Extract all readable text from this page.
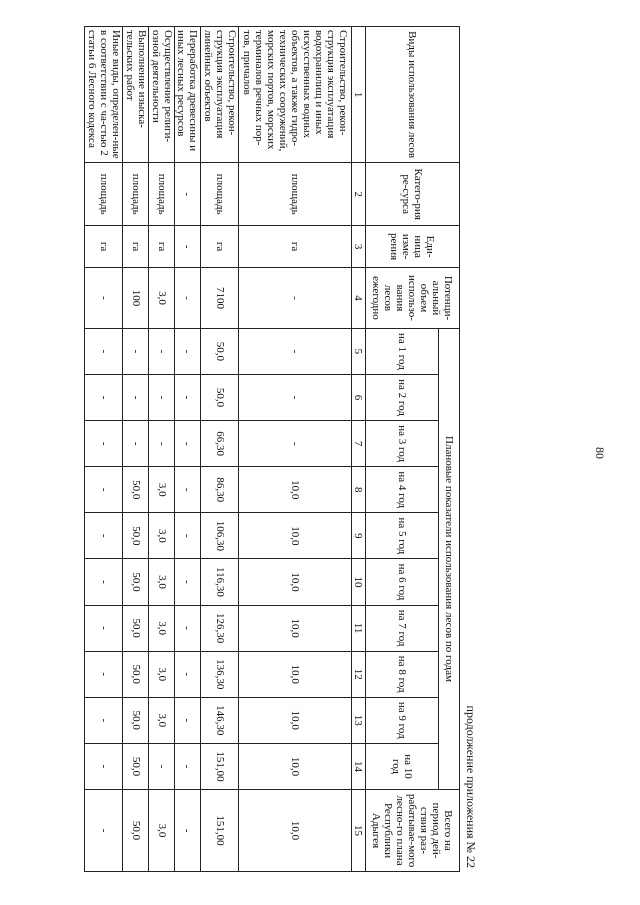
80
продолжение приложения № 22
Виды использования лесов	Катего-рия ре-сурса	Еди-ница изме-рения	Потенци-альный объем использо-вания лесов ежегодно	Плановые показатели использования лесов по годам										Всего на период дей-ствия раз-рабатывае-мого лесно-го плана Республики Адыгея
				на 1 год	на 2 год	на 3 год	на 4 год	на 5 год	на 6 год	на 7 год	на 8 год	на 9 год	на 10 год	
1	2	3	4	5	6	7	8	9	10	11	12	13	14	15
Строительство, рекон-струкция эксплуатация водохранилищ и иных искусственных водных объектов, а также гидро-технических сооружений, морских портов, морских терминалов речных пор-тов, причалов	площадь	га	-	-	-	-	10,0	10,0	10,0	10,0	10,0	10,0	10,0	10,0
Строительство, рекон-струкция эксплуатация линейных объектов	площадь	га	7100	50,0	50,0	66,30	86,30	106,30	116,30	126,30	136,30	146,30	151,00	151,00
Переработка древесины и иных лесных ресурсов	-	-	-	-	-	-	-	-	-	-	-	-	-	-
Осуществление религи-озной деятельности	площадь	га	3,0	-	-	-	3,0	3,0	3,0	3,0	3,0	3,0	-	3,0
Выполнение изыска-тельских работ	площадь	га	100	-	-	-	50,0	50,0	50,0	50,0	50,0	50,0	50,0	50,0
Иные виды, определен-ные в соответствии с ча-стью 2 статьи 6 Лесного кодекса	площадь	га	-	-	-	-	-	-	-	-	-	-	-	-
